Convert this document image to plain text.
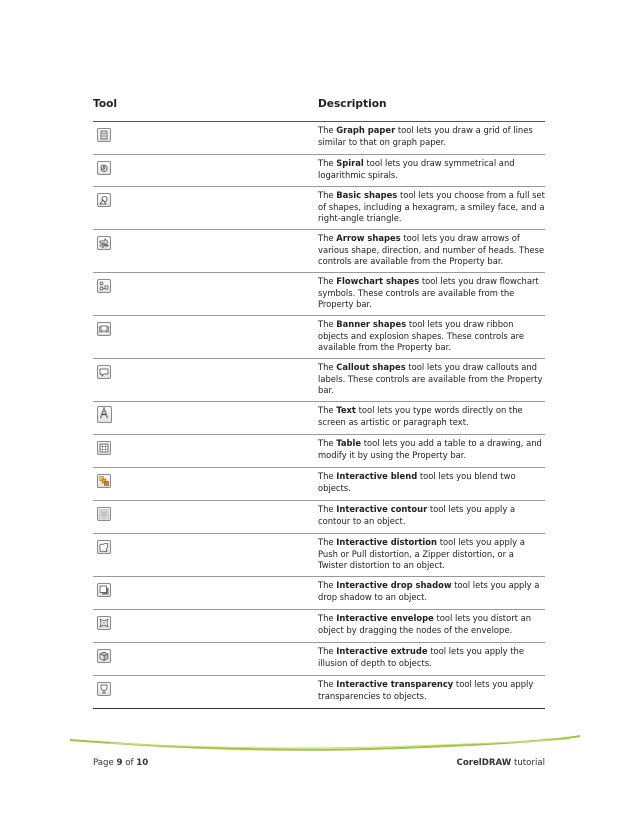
Tool	Description
The Graph paper tool lets you draw a grid of lines similar to that on graph paper.
The Spiral tool lets you draw symmetrical and logarithmic spirals.
The Basic shapes tool lets you choose from a full set of shapes, including a hexagram, a smiley face, and a right-angle triangle.
The Arrow shapes tool lets you draw arrows of various shape, direction, and number of heads. These controls are available from the Property bar.
The Flowchart shapes tool lets you draw flowchart symbols. These controls are available from the Property bar.
The Banner shapes tool lets you draw ribbon objects and explosion shapes. These controls are available from the Property bar.
The Callout shapes tool lets you draw callouts and labels. These controls are available from the Property bar.
The Text tool lets you type words directly on the screen as artistic or paragraph text.
The Table tool lets you add a table to a drawing, and modify it by using the Property bar.
The Interactive blend tool lets you blend two objects.
The Interactive contour tool lets you apply a contour to an object.
The Interactive distortion tool lets you apply a Push or Pull distortion, a Zipper distortion, or a Twister distortion to an object.
The Interactive drop shadow tool lets you apply a drop shadow to an object.
The Interactive envelope tool lets you distort an object by dragging the nodes of the envelope.
The Interactive extrude tool lets you apply the illusion of depth to objects.
The Interactive transparency tool lets you apply transparencies to objects.
Page 9 of 10	CorelDRAW tutorial
